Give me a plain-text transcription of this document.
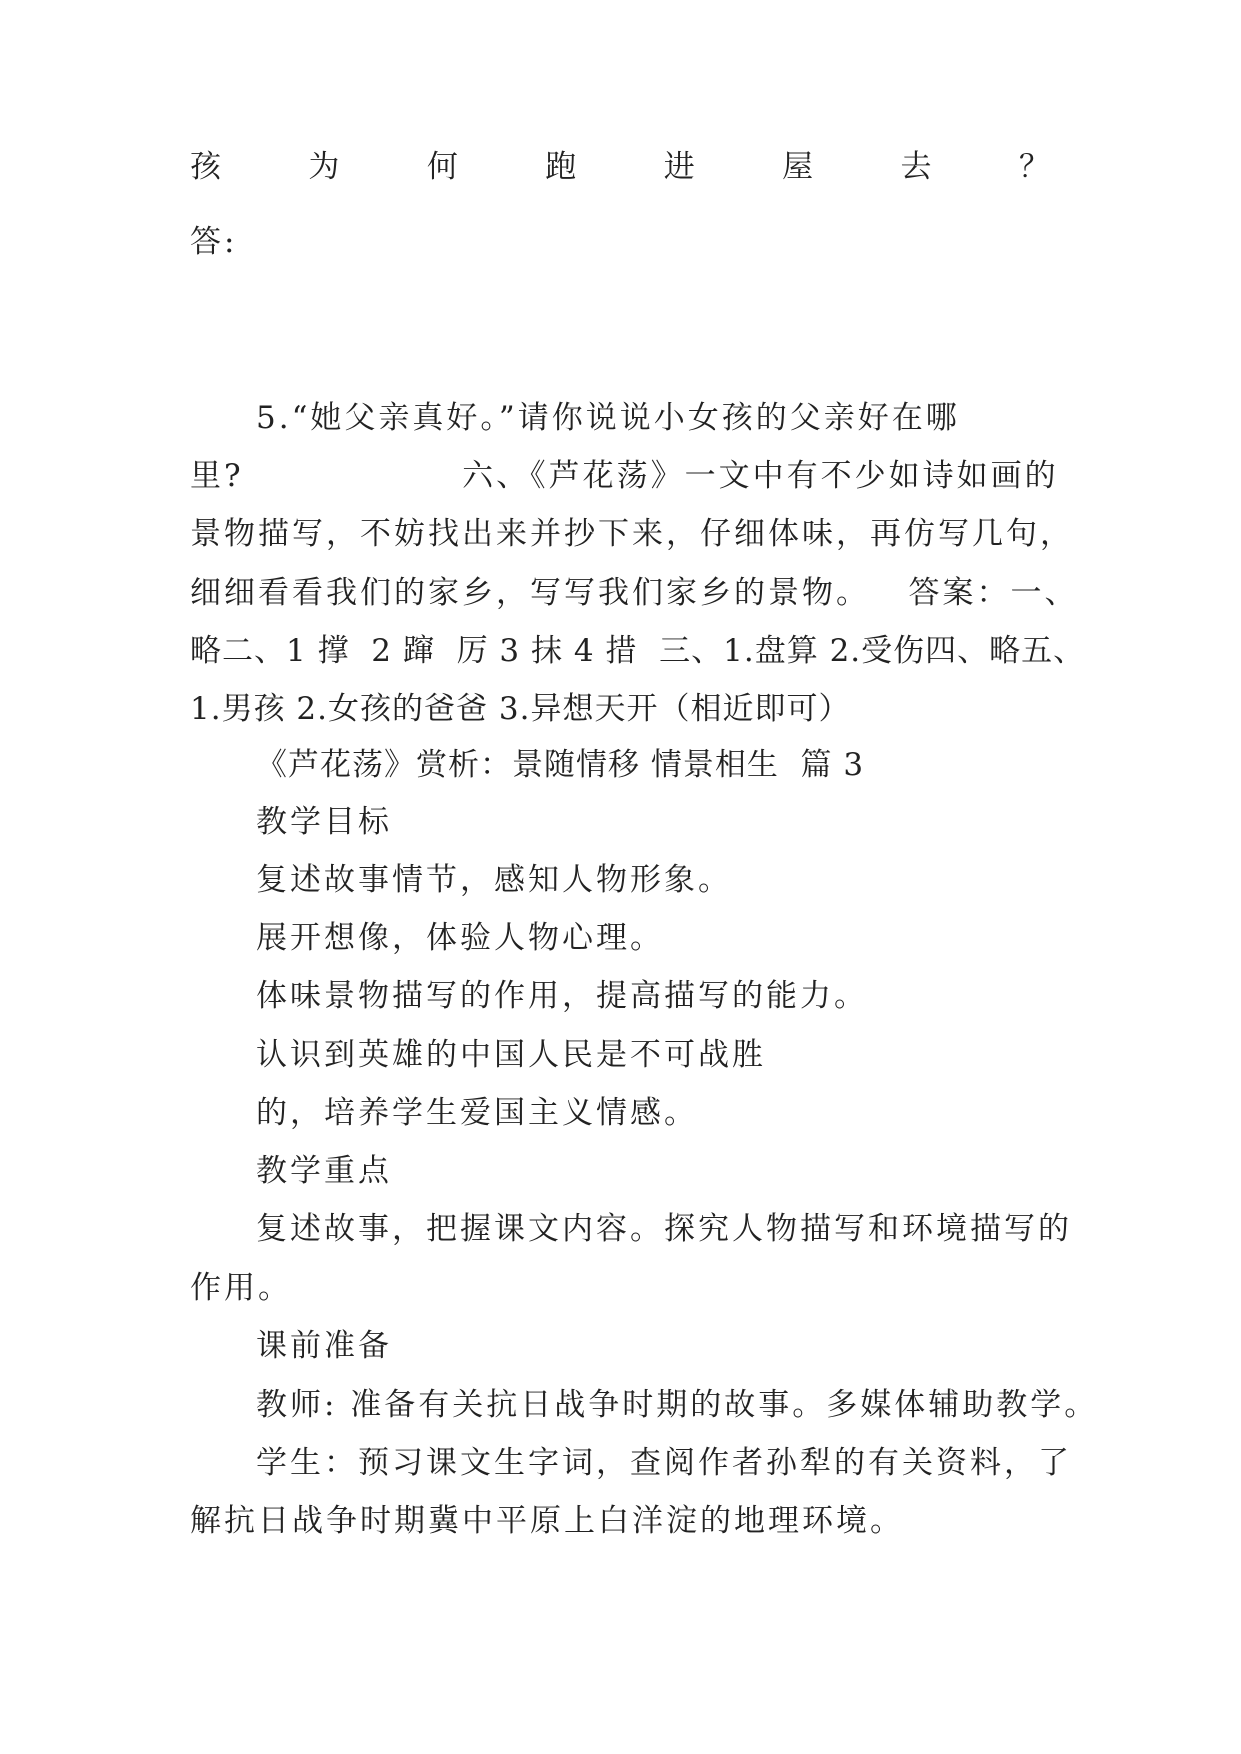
孩	为	何	跑	进	屋	去	？
答:
5.“她父亲真好。”请你说说小女孩的父亲好在哪
里?                 六、《芦花荡》一文中有不少如诗如画的
景物描写，不妨找出来并抄下来，仔细体味，再仿写几句，
细细看看我们的家乡，写写我们家乡的景物。   答案：一、
略二、1 撑  2 蹿  厉 3 抹 4 措  三、1.盘算 2.受伤四、略五、
1.男孩 2.女孩的爸爸 3.异想天开（相近即可）
《芦花荡》赏析：景随情移 情景相生  篇 3
教学目标
复述故事情节，感知人物形象。
展开想像，体验人物心理。
体味景物描写的作用，提高描写的能力。
认识到英雄的中国人民是不可战胜
的，培养学生爱国主义情感。
教学重点
复述故事，把握课文内容。探究人物描写和环境描写的
作用。
课前准备
教师: 准备有关抗日战争时期的故事。多媒体辅助教学。
学生：预习课文生字词，查阅作者孙犁的有关资料，了
解抗日战争时期冀中平原上白洋淀的地理环境。
